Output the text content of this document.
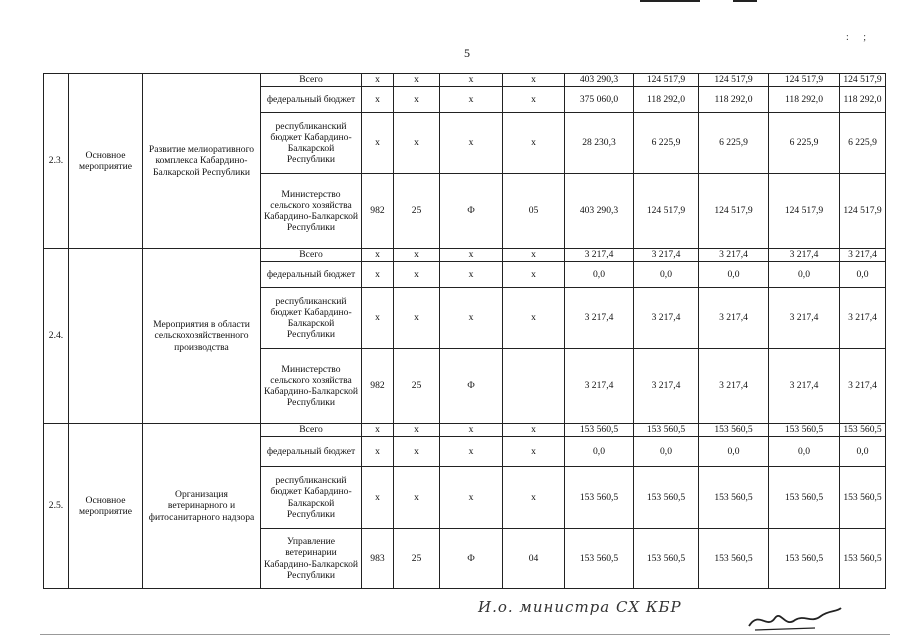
5
: ;
2.3.	Основное мероприятие	Развитие мелиоративного комплекса Кабардино-Балкарской Республики	Всего	х	х	х	х	403 290,3	124 517,9	124 517,9	124 517,9	124 517,9
			федеральный бюджет	х	х	х	х	375 060,0	118 292,0	118 292,0	118 292,0	118 292,0
			республиканский бюджет Кабардино-Балкарской Республики	х	х	х	х	28 230,3	6 225,9	6 225,9	6 225,9	6 225,9
			Министерство сельского хозяйства Кабардино-Балкарской Республики	982	25	Ф	05	403 290,3	124 517,9	124 517,9	124 517,9	124 517,9
2.4.		Мероприятия в области сельскохозяйственного производства	Всего	х	х	х	х	3 217,4	3 217,4	3 217,4	3 217,4	3 217,4
			федеральный бюджет	х	х	х	х	0,0	0,0	0,0	0,0	0,0
			республиканский бюджет Кабардино-Балкарской Республики	х	х	х	х	3 217,4	3 217,4	3 217,4	3 217,4	3 217,4
			Министерство сельского хозяйства Кабардино-Балкарской Республики	982	25	Ф		3 217,4	3 217,4	3 217,4	3 217,4	3 217,4
2.5.	Основное мероприятие	Организация ветеринарного и фитосанитарного надзора	Всего	х	х	х	х	153 560,5	153 560,5	153 560,5	153 560,5	153 560,5
			федеральный бюджет	х	х	х	х	0,0	0,0	0,0	0,0	0,0
			республиканский бюджет Кабардино-Балкарской Республики	х	х	х	х	153 560,5	153 560,5	153 560,5	153 560,5	153 560,5
			Управление ветеринарии Кабардино-Балкарской Республики	983	25	Ф	04	153 560,5	153 560,5	153 560,5	153 560,5	153 560,5
И.о. министра СХ КБР
